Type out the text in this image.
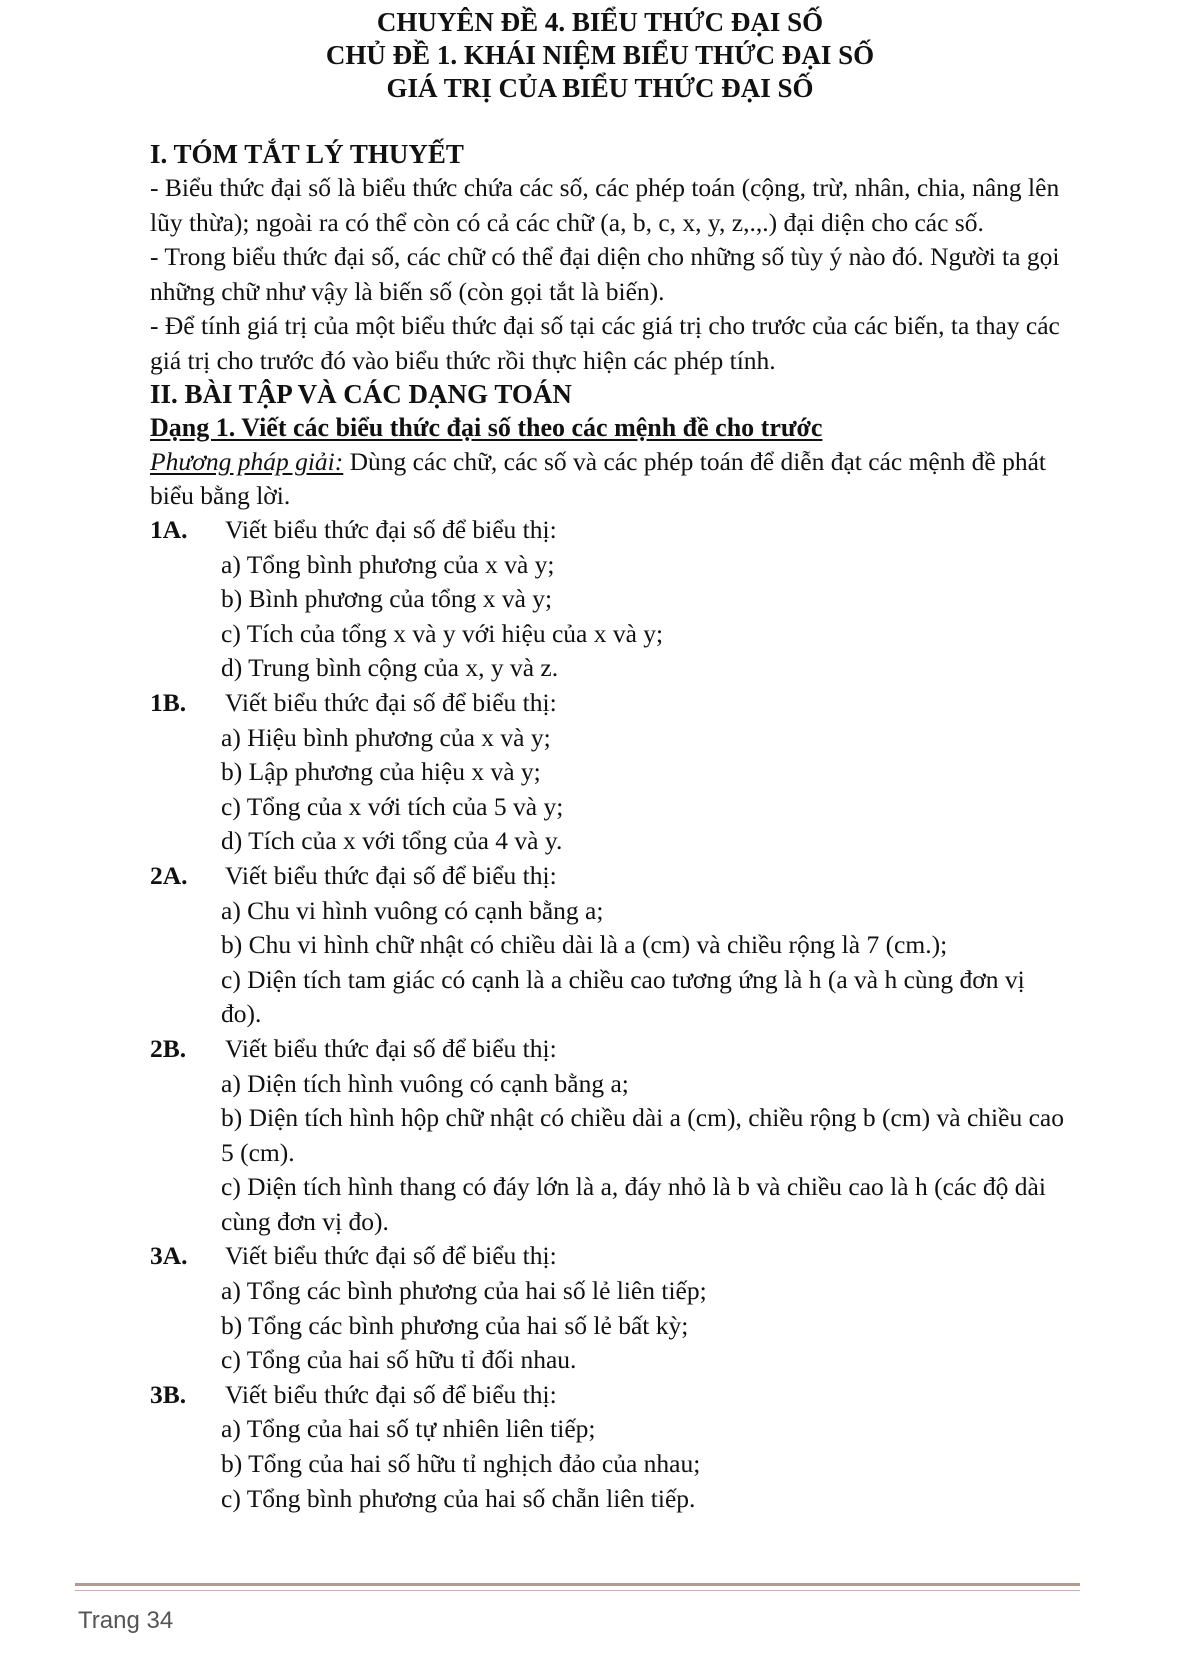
CHUYÊN ĐỀ 4. BIỂU THỨC ĐẠI SỐ
CHỦ ĐỀ 1. KHÁI NIỆM BIỂU THỨC ĐẠI SỐ
GIÁ TRỊ CỦA BIỂU THỨC ĐẠI SỐ
I. TÓM TẮT LÝ THUYẾT
- Biểu thức đại số là biểu thức chứa các số, các phép toán (cộng, trừ, nhân, chia, nâng lên lũy thừa); ngoài ra có thể còn có cả các chữ (a, b, c, x, y, z,.,.) đại diện cho các số.
- Trong biểu thức đại số, các chữ có thể đại diện cho những số tùy ý nào đó. Người ta gọi những chữ như vậy là biến số (còn gọi tắt là biến).
- Để tính giá trị của một biểu thức đại số tại các giá trị cho trước của các biến, ta thay các giá trị cho trước đó vào biểu thức rồi thực hiện các phép tính.
II. BÀI TẬP VÀ CÁC DẠNG TOÁN
Dạng 1. Viết các biểu thức đại số theo các mệnh đề cho trước
Phương pháp giải: Dùng các chữ, các số và các phép toán để diễn đạt các mệnh đề phát biểu bằng lời.
1A. Viết biểu thức đại số để biểu thị:
a) Tổng bình phương của x và y;
b) Bình phương của tổng x và y;
c) Tích của tổng x và y với hiệu của x và y;
d) Trung bình cộng của x, y và z.
1B. Viết biểu thức đại số để biểu thị:
a) Hiệu bình phương của x và y;
b) Lập phương của hiệu x và y;
c) Tổng của x với tích của 5 và y;
d) Tích của x với tổng của 4 và y.
2A. Viết biểu thức đại số để biểu thị:
a) Chu vi hình vuông có cạnh bằng a;
b) Chu vi hình chữ nhật có chiều dài là a (cm) và chiều rộng là 7 (cm.);
c) Diện tích tam giác có cạnh là a chiều cao tương ứng là h (a và h cùng đơn vị đo).
2B. Viết biểu thức đại số để biểu thị:
a) Diện tích hình vuông có cạnh bằng a;
b) Diện tích hình hộp chữ nhật có chiều dài a (cm), chiều rộng b (cm) và chiều cao 5 (cm).
c) Diện tích hình thang có đáy lớn là a, đáy nhỏ là b và chiều cao là h (các độ dài cùng đơn vị đo).
3A. Viết biểu thức đại số để biểu thị:
a) Tổng các bình phương của hai số lẻ liên tiếp;
b) Tổng các bình phương của hai số lẻ bất kỳ;
c) Tổng của hai số hữu tỉ đối nhau.
3B. Viết biểu thức đại số để biểu thị:
a) Tổng của hai số tự nhiên liên tiếp;
b) Tổng của hai số hữu tỉ nghịch đảo của nhau;
c) Tổng bình phương của hai số chẵn liên tiếp.
Trang 34
